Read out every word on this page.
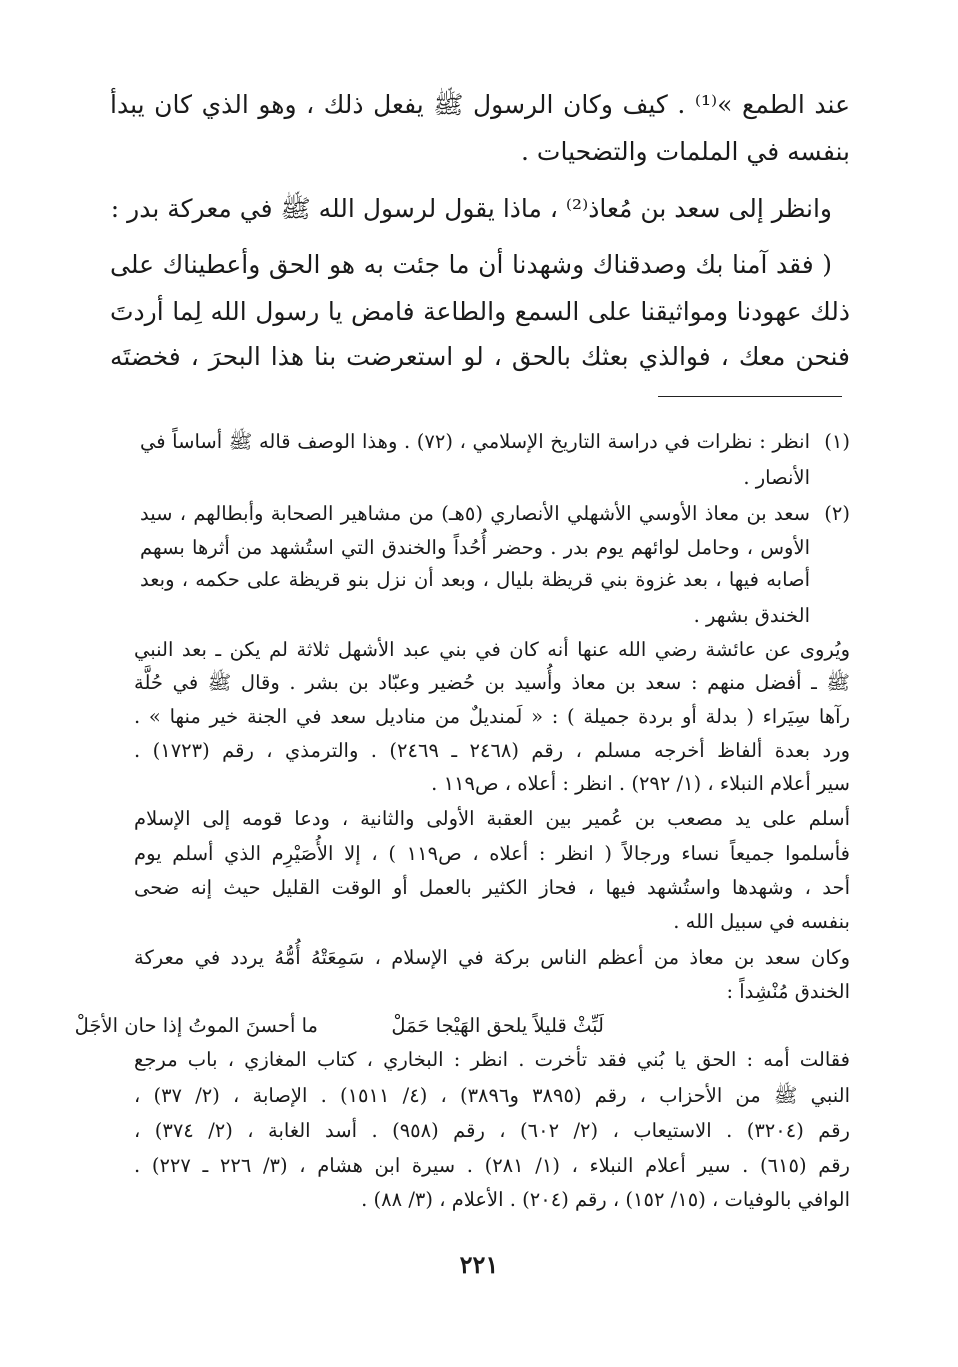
عند الطمع »⁽¹⁾ . كيف وكان الرسول ﷺ يفعل ذلك ، وهو الذي كان يبدأ
بنفسه في الملمات والتضحيات .
وانظر إلى سعد بن مُعاذ⁽²⁾ ، ماذا يقول لرسول الله ﷺ في معركة بدر :
( فقد آمنا بك وصدقناك وشهدنا أن ما جئت به هو الحق وأعطيناك على
ذلك عهودنا ومواثيقنا على السمع والطاعة فامض يا رسول الله لِما أردتَ
فنحن معك ، فوالذي بعثك بالحق ، لو استعرضت بنا هذا البحرَ ، فخضتَه
(١)
انظر : نظرات في دراسة التاريخ الإسلامي ، (٧٢) . وهذا الوصف قاله ﷺ أساساً في
الأنصار .
(٢)
سعد بن معاذ الأوسي الأشهلي الأنصاري (٥هـ) من مشاهير الصحابة وأبطالهم ، سيد
الأوس ، وحامل لوائهم يوم بدر . وحضر أُحُداً والخندق التي استُشهد من أثرها بسهم
أصابه فيها ، بعد غزوة بني قريظة بليال ، وبعد أن نزل بنو قريظة على حكمه ، وبعد
الخندق بشهر .
ويُروى عن عائشة رضي الله عنها أنه كان في بني عبد الأشهل ثلاثة لم يكن ـ بعد النبي
ﷺ ـ أفضل منهم : سعد بن معاذ وأُسيد بن حُضير وعبّاد بن بشر . وقال ﷺ في حُلَّة
رآها سِيَراء ( بدلة أو بردة جميلة ) : « لَمنديلٌ من مناديل سعد في الجنة خير منها » .
ورد بعدة ألفاظ أخرجه مسلم ، رقم (٢٤٦٨ ـ ٢٤٦٩) . والترمذي ، رقم (١٧٢٣) .
سير أعلام النبلاء ، (١/ ٢٩٢) . انظر : أعلاه ، ص١١٩ .
أسلم على يد مصعب بن عُمير بين العقبة الأولى والثانية ، ودعا قومه إلى الإسلام
فأسلموا جميعاً نساء ورجالاً ( انظر : أعلاه ، ص١١٩ ) ، إلا الأُصَيْرِم الذي أسلم يوم
أحد ، وشهدها واستُشهد فيها ، فحاز الكثير بالعمل أو الوقت القليل حيث إنه ضحى
بنفسه في سبيل الله .
وكان سعد بن معاذ من أعظم الناس بركة في الإسلام ، سَمِعَتْهُ أُمُّهُ يردد في معركة
الخندق مُنْشِداً :
لَبِّثْ قليلاً يلحق الهَيْجا حَمَلْ
ما أحسنَ الموتُ إذا حان الأجَلْ
فقالت أمه : الحق يا بُني فقد تأخرت . انظر : البخاري ، كتاب المغازي ، باب مرجع
النبي ﷺ من الأحزاب ، رقم (٣٨٩٥ و٣٨٩٦) ، (٤/ ١٥١١) . الإصابة ، (٢/ ٣٧) ،
رقم (٣٢٠٤) . الاستيعاب ، (٢/ ٦٠٢) ، رقم (٩٥٨) . أسد الغابة ، (٢/ ٣٧٤) ،
رقم (٦١٥) . سير أعلام النبلاء ، (١/ ٢٨١) . سيرة ابن هشام ، (٣/ ٢٢٦ ـ ٢٢٧) .
الوافي بالوفيات ، (١٥/ ١٥٢) ، رقم (٢٠٤) . الأعلام ، (٣/ ٨٨) .
٢٢١
